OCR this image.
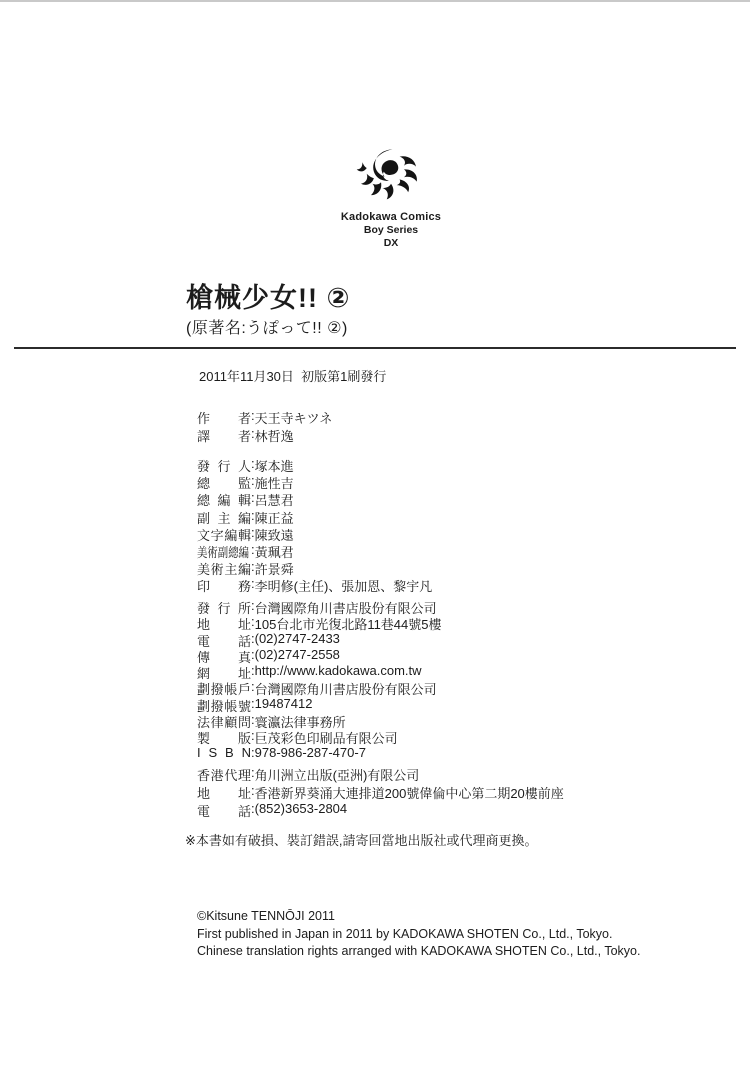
Kadokawa Comics
Boy Series
DX
槍械少女!! ②
(原著名:うぽって!! ②)
2011年11月30日  初版第1刷發行
作者 : 天王寺キツネ
譯者 : 林哲逸
發行人 : 塚本進
總監 : 施性吉
總編輯 : 呂慧君
副主編 : 陳正益
文字編輯 : 陳致遠
美術副總編 : 黃珮君
美術主編 : 許景舜
印務 : 李明修(主任)、張加恩、黎宇凡
發行所 : 台灣國際角川書店股份有限公司
地址 : 105台北市光復北路11巷44號5樓
電話 : (02)2747-2433
傳真 : (02)2747-2558
網址 : http://www.kadokawa.com.tw
劃撥帳戶 : 台灣國際角川書店股份有限公司
劃撥帳號 : 19487412
法律顧問 : 寰瀛法律事務所
製版 : 巨茂彩色印刷品有限公司
I S B N : 978-986-287-470-7
香港代理 : 角川洲立出版(亞洲)有限公司
地址 : 香港新界葵涌大連排道200號偉倫中心第二期20樓前座
電話 : (852)3653-2804
※本書如有破損、裝訂錯誤,請寄回當地出版社或代理商更換。
©Kitsune TENNŌJI 2011
First published in Japan in 2011 by KADOKAWA SHOTEN Co., Ltd., Tokyo.
Chinese translation rights arranged with KADOKAWA SHOTEN Co., Ltd., Tokyo.
